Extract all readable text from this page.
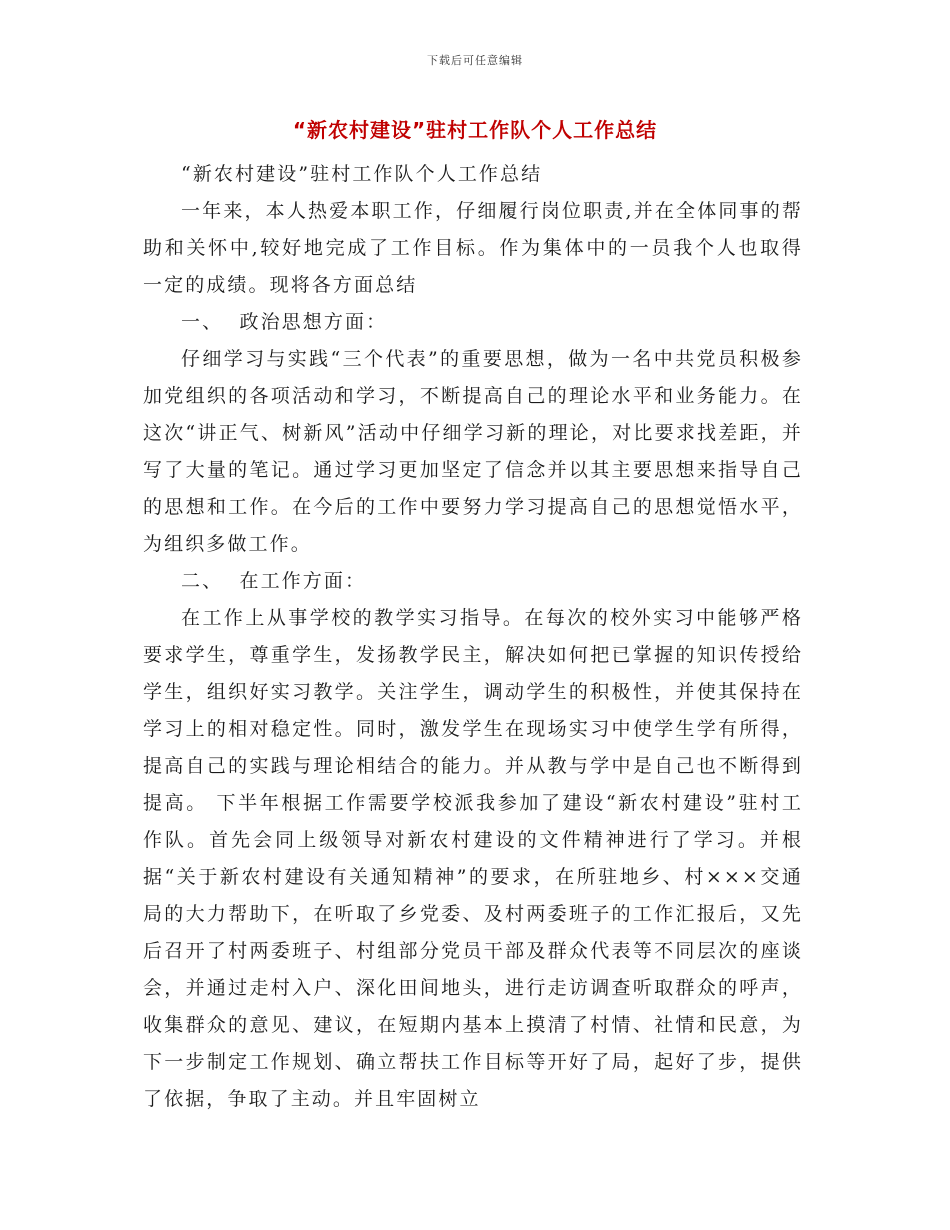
下载后可任意编辑
“新农村建设”驻村工作队个人工作总结

“新农村建设”驻村工作队个人工作总结

一年来，本人热爱本职工作，仔细履行岗位职责,并在全体同事的帮助和关怀中,较好地完成了工作目标。作为集体中的一员我个人也取得一定的成绩。现将各方面总结

一、  政治思想方面：

仔细学习与实践“三个代表”的重要思想，做为一名中共党员积极参加党组织的各项活动和学习，不断提高自己的理论水平和业务能力。在这次“讲正气、树新风”活动中仔细学习新的理论，对比要求找差距，并写了大量的笔记。通过学习更加坚定了信念并以其主要思想来指导自己的思想和工作。在今后的工作中要努力学习提高自己的思想觉悟水平，为组织多做工作。

二、  在工作方面：

在工作上从事学校的教学实习指导。在每次的校外实习中能够严格要求学生，尊重学生，发扬教学民主，解决如何把已掌握的知识传授给学生，组织好实习教学。关注学生，调动学生的积极性，并使其保持在学习上的相对稳定性。同时，激发学生在现场实习中使学生学有所得，提高自己的实践与理论相结合的能力。并从教与学中是自己也不断得到提高。 下半年根据工作需要学校派我参加了建设“新农村建设”驻村工作队。首先会同上级领导对新农村建设的文件精神进行了学习。并根据“关于新农村建设有关通知精神”的要求，在所驻地乡、村×××交通局的大力帮助下，在听取了乡党委、及村两委班子的工作汇报后，又先后召开了村两委班子、村组部分党员干部及群众代表等不同层次的座谈会，并通过走村入户、深化田间地头，进行走访调查听取群众的呼声，收集群众的意见、建议，在短期内基本上摸清了村情、社情和民意，为下一步制定工作规划、确立帮扶工作目标等开好了局，起好了步，提供了依据，争取了主动。并且牢固树立
